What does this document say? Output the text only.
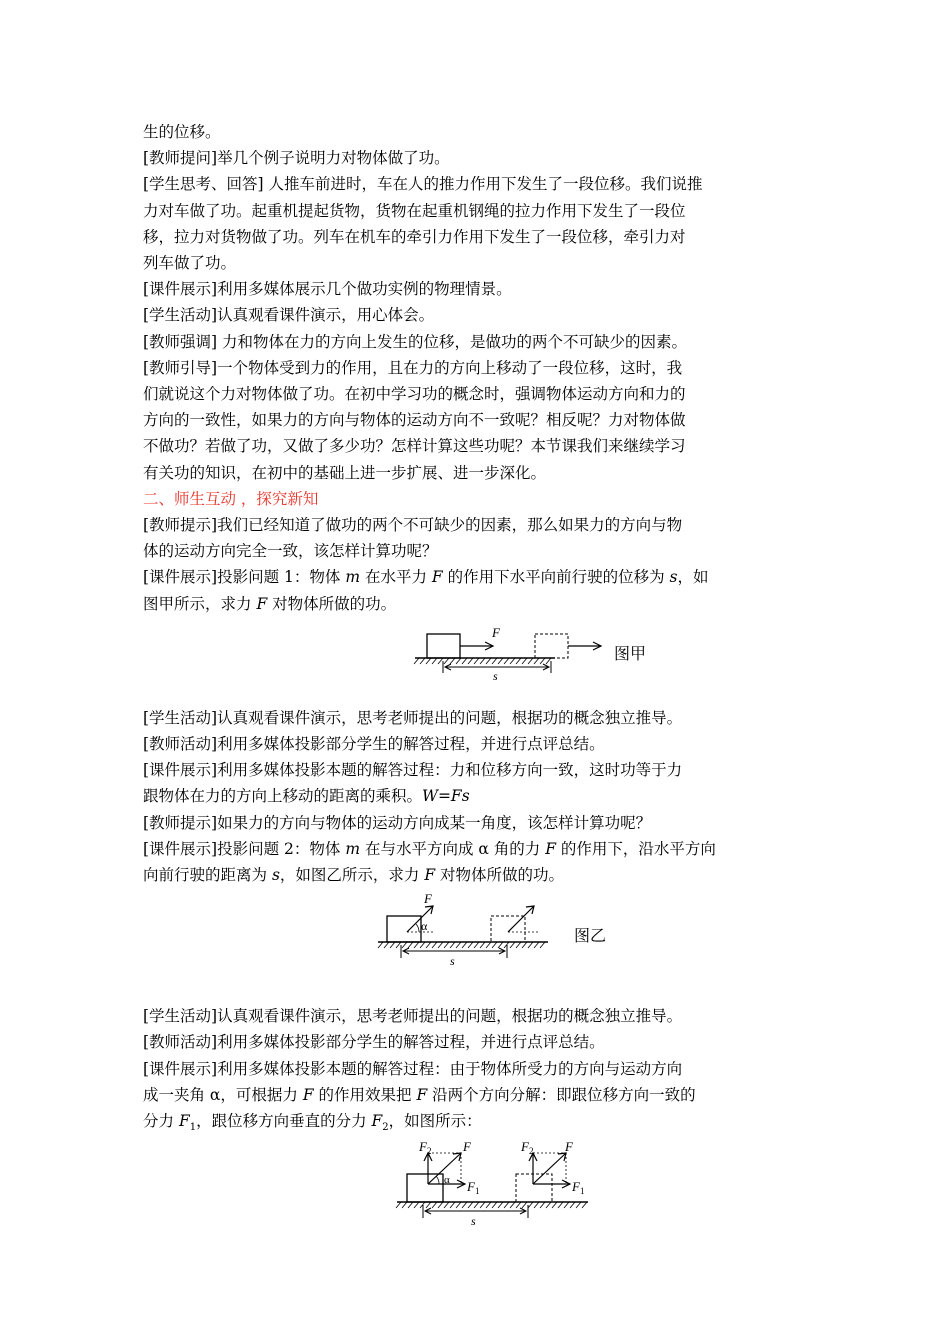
生的位移。

[教师提问]举几个例子说明力对物体做了功。

[学生思考、回答] 人推车前进时，车在人的推力作用下发生了一段位移。我们说推

力对车做了功。起重机提起货物，货物在起重机钢绳的拉力作用下发生了一段位

移，拉力对货物做了功。列车在机车的牵引力作用下发生了一段位移，牵引力对

列车做了功。

[课件展示]利用多媒体展示几个做功实例的物理情景。

[学生活动]认真观看课件演示，用心体会。

[教师强调] 力和物体在力的方向上发生的位移，是做功的两个不可缺少的因素。

[教师引导]一个物体受到力的作用，且在力的方向上移动了一段位移，这时，我

们就说这个力对物体做了功。在初中学习功的概念时，强调物体运动方向和力的

方向的一致性，如果力的方向与物体的运动方向不一致呢？相反呢？力对物体做

不做功？若做了功，又做了多少功？怎样计算这些功呢？本节课我们来继续学习

有关功的知识，在初中的基础上进一步扩展、进一步深化。

二、师生互动 ，探究新知

[教师提示]我们已经知道了做功的两个不可缺少的因素，那么如果力的方向与物

体的运动方向完全一致，该怎样计算功呢？

[课件展示]投影问题 1：物体 m 在水平力 F 的作用下水平向前行驶的位移为 s，如

图甲所示，求力 F 对物体所做的功。

F
s
图甲

[学生活动]认真观看课件演示，思考老师提出的问题，根据功的概念独立推导。

[教师活动]利用多媒体投影部分学生的解答过程，并进行点评总结。

[课件展示]利用多媒体投影本题的解答过程：力和位移方向一致，这时功等于力

跟物体在力的方向上移动的距离的乘积。W=Fs

[教师提示]如果力的方向与物体的运动方向成某一角度，该怎样计算功呢？

[课件展示]投影问题 2：物体 m 在与水平方向成 α 角的力 F 的作用下，沿水平方向

向前行驶的距离为 s，如图乙所示，求力 F 对物体所做的功。

F
α
s
图乙

[学生活动]认真观看课件演示，思考老师提出的问题，根据功的概念独立推导。

[教师活动]利用多媒体投影部分学生的解答过程，并进行点评总结。

[课件展示]利用多媒体投影本题的解答过程：由于物体所受力的方向与运动方向

成一夹角 α，可根据力 F 的作用效果把 F 沿两个方向分解：即跟位移方向一致的

分力 $F_1$，跟位移方向垂直的分力 $F_2$，如图所示：

$F_2$ F
α $F_1$
$F_2$ F
$F_1$
s
